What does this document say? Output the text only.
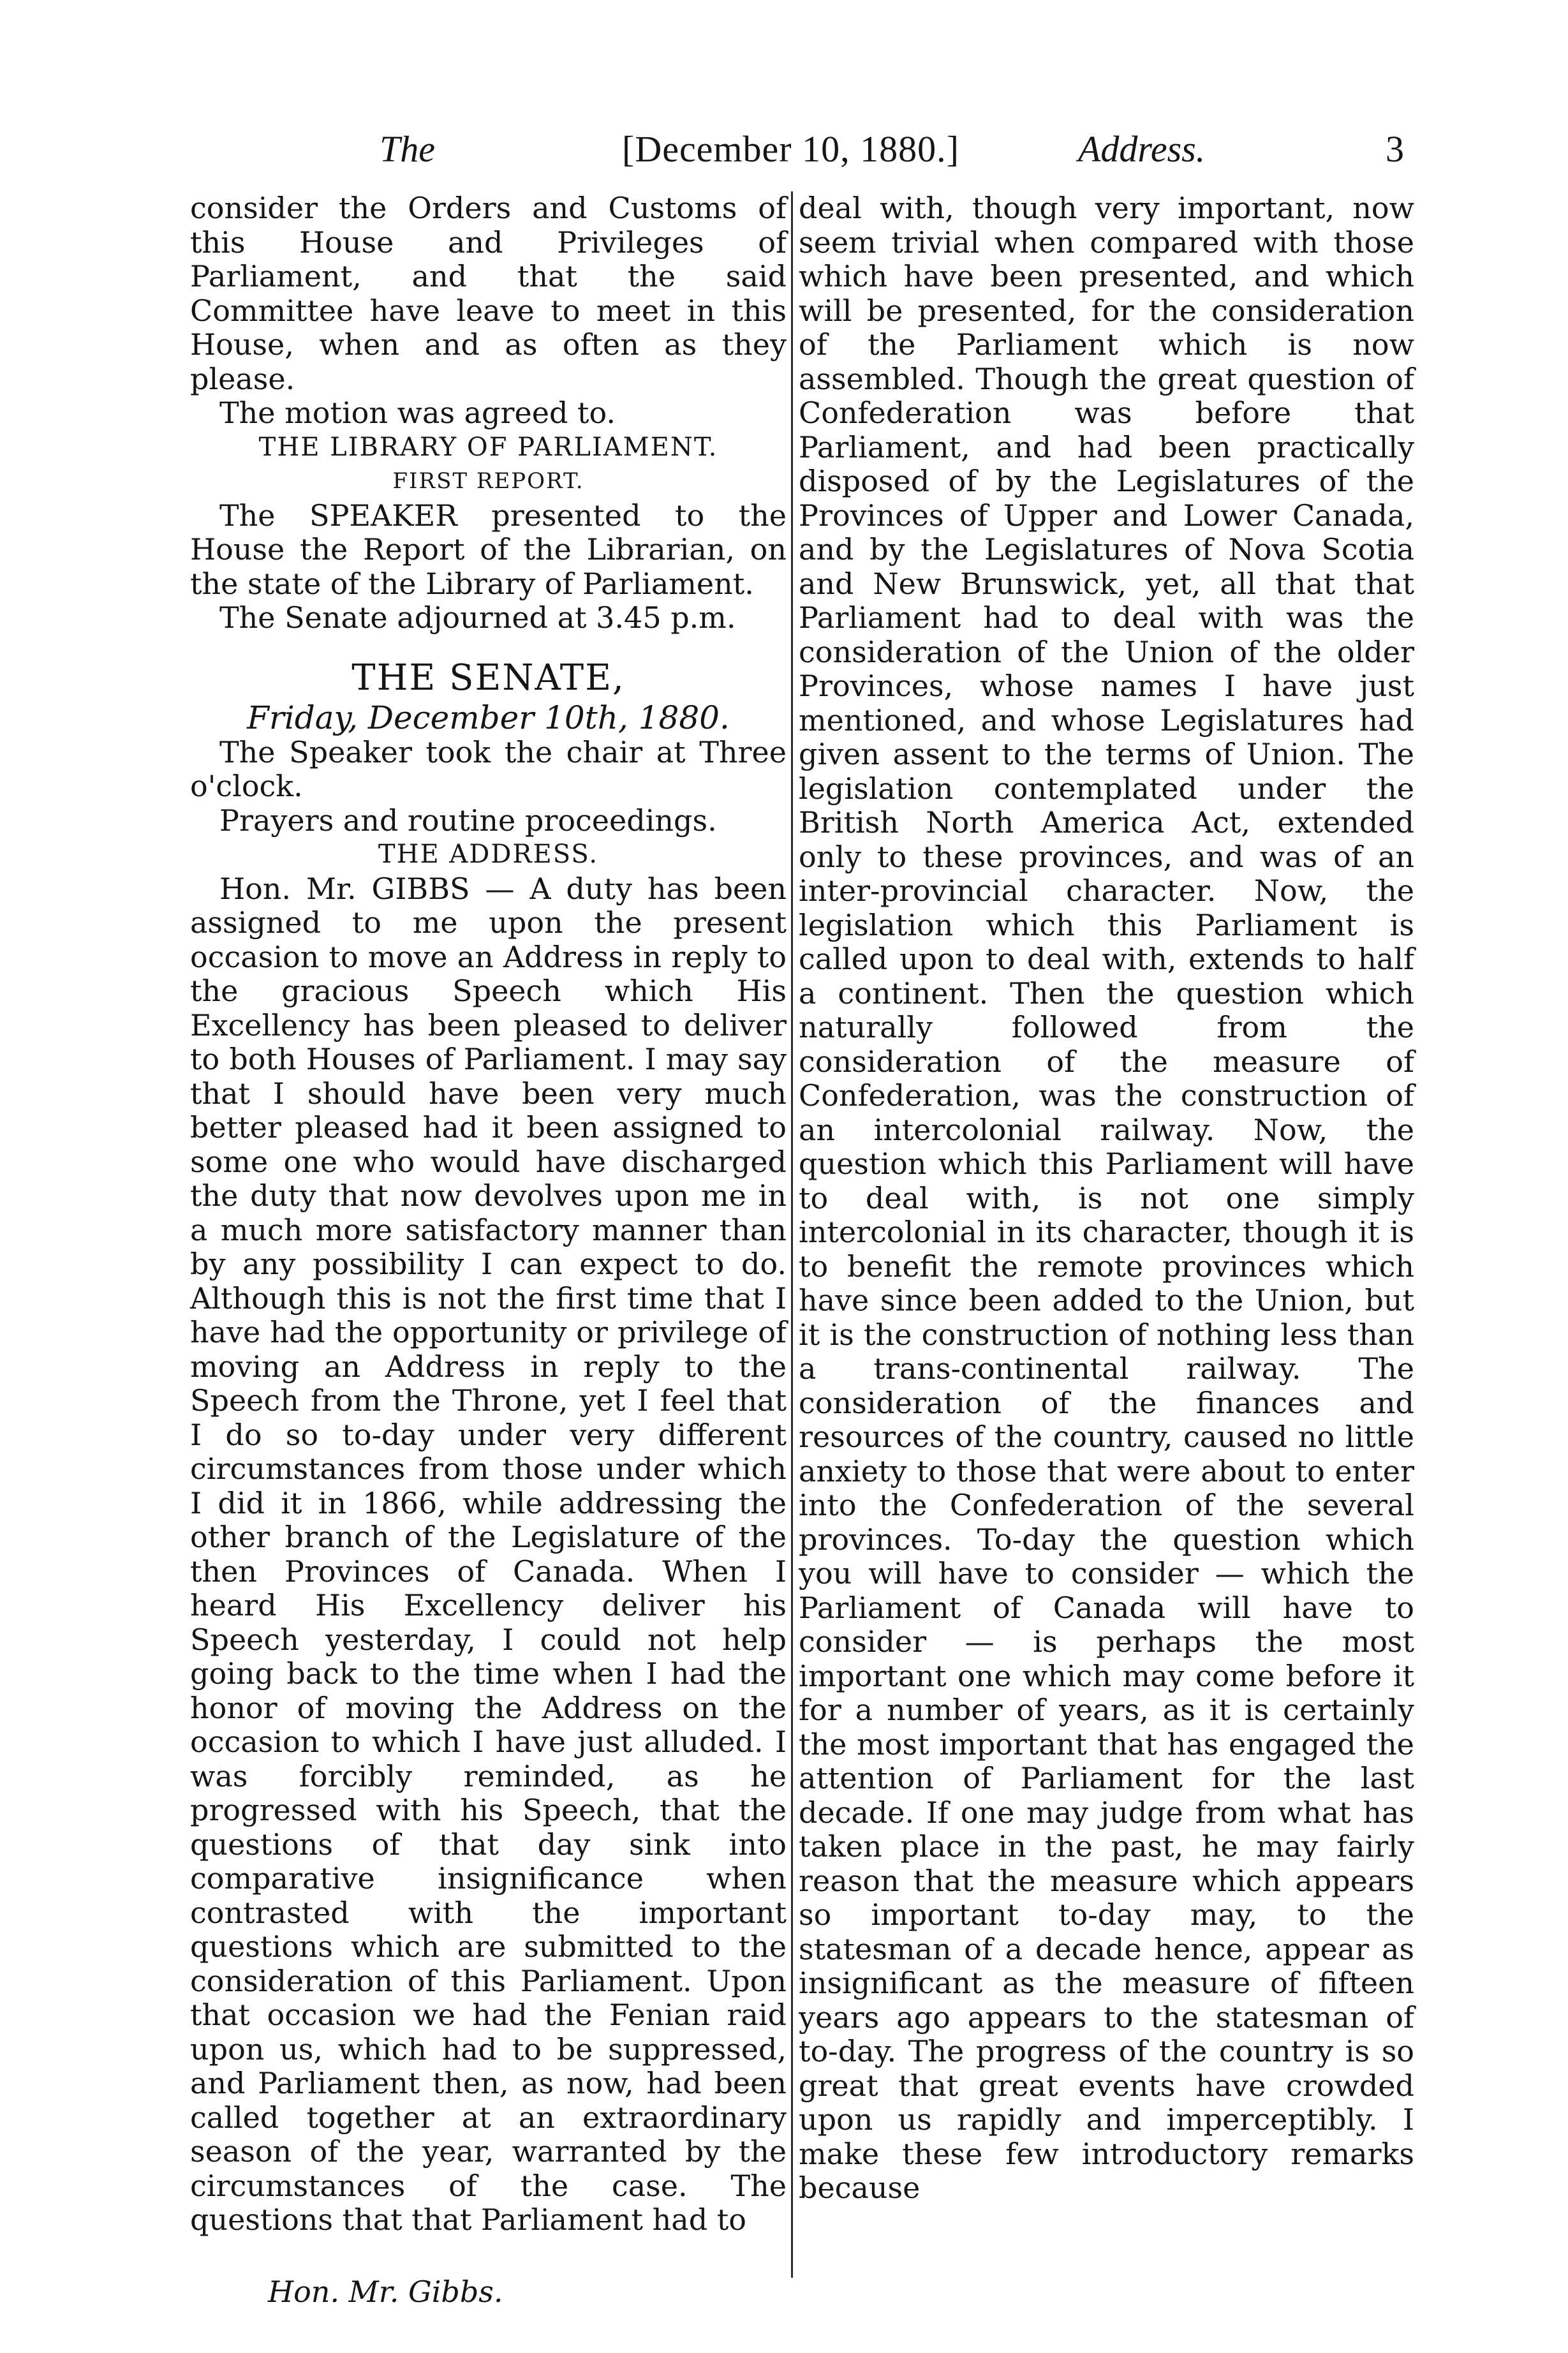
The	[December 10, 1880.]	Address.	3

consider the Orders and Customs of this House and Privileges of Parliament, and that the said Committee have leave to meet in this House, when and as often as they please.

The motion was agreed to.

THE LIBRARY OF PARLIAMENT.

FIRST REPORT.

The SPEAKER presented to the House the Report of the Librarian, on the state of the Library of Parliament.

The Senate adjourned at 3.45 p.m.

THE SENATE,

Friday, December 10th, 1880.

The Speaker took the chair at Three o'clock.

Prayers and routine proceedings.

THE ADDRESS.

Hon. Mr. GIBBS — A duty has been assigned to me upon the present occasion to move an Address in reply to the gracious Speech which His Excellency has been pleased to deliver to both Houses of Parliament. I may say that I should have been very much better pleased had it been assigned to some one who would have discharged the duty that now devolves upon me in a much more satisfactory manner than by any possibility I can expect to do. Although this is not the first time that I have had the opportunity or privilege of moving an Address in reply to the Speech from the Throne, yet I feel that I do so to-day under very different circumstances from those under which I did it in 1866, while addressing the other branch of the Legislature of the then Provinces of Canada. When I heard His Excellency deliver his Speech yesterday, I could not help going back to the time when I had the honor of moving the Address on the occasion to which I have just alluded. I was forcibly reminded, as he progressed with his Speech, that the questions of that day sink into comparative insignificance when contrasted with the important questions which are submitted to the consideration of this Parliament. Upon that occasion we had the Fenian raid upon us, which had to be suppressed, and Parliament then, as now, had been called together at an extraordinary season of the year, warranted by the circumstances of the case. The questions that that Parliament had to

deal with, though very important, now seem trivial when compared with those which have been presented, and which will be presented, for the consideration of the Parliament which is now assembled. Though the great question of Confederation was before that Parliament, and had been practically disposed of by the Legislatures of the Provinces of Upper and Lower Canada, and by the Legislatures of Nova Scotia and New Brunswick, yet, all that that Parliament had to deal with was the consideration of the Union of the older Provinces, whose names I have just mentioned, and whose Legislatures had given assent to the terms of Union. The legislation contemplated under the British North America Act, extended only to these provinces, and was of an inter-provincial character. Now, the legislation which this Parliament is called upon to deal with, extends to half a continent. Then the question which naturally followed from the consideration of the measure of Confederation, was the construction of an intercolonial railway. Now, the question which this Parliament will have to deal with, is not one simply intercolonial in its character, though it is to benefit the remote provinces which have since been added to the Union, but it is the construction of nothing less than a trans-continental railway. The consideration of the finances and resources of the country, caused no little anxiety to those that were about to enter into the Confederation of the several provinces. To-day the question which you will have to consider — which the Parliament of Canada will have to consider — is perhaps the most important one which may come before it for a number of years, as it is certainly the most important that has engaged the attention of Parliament for the last decade. If one may judge from what has taken place in the past, he may fairly reason that the measure which appears so important to-day may, to the statesman of a decade hence, appear as insignificant as the measure of fifteen years ago appears to the statesman of to-day. The progress of the country is so great that great events have crowded upon us rapidly and imperceptibly. I make these few introductory remarks because

Hon. Mr. Gibbs.
